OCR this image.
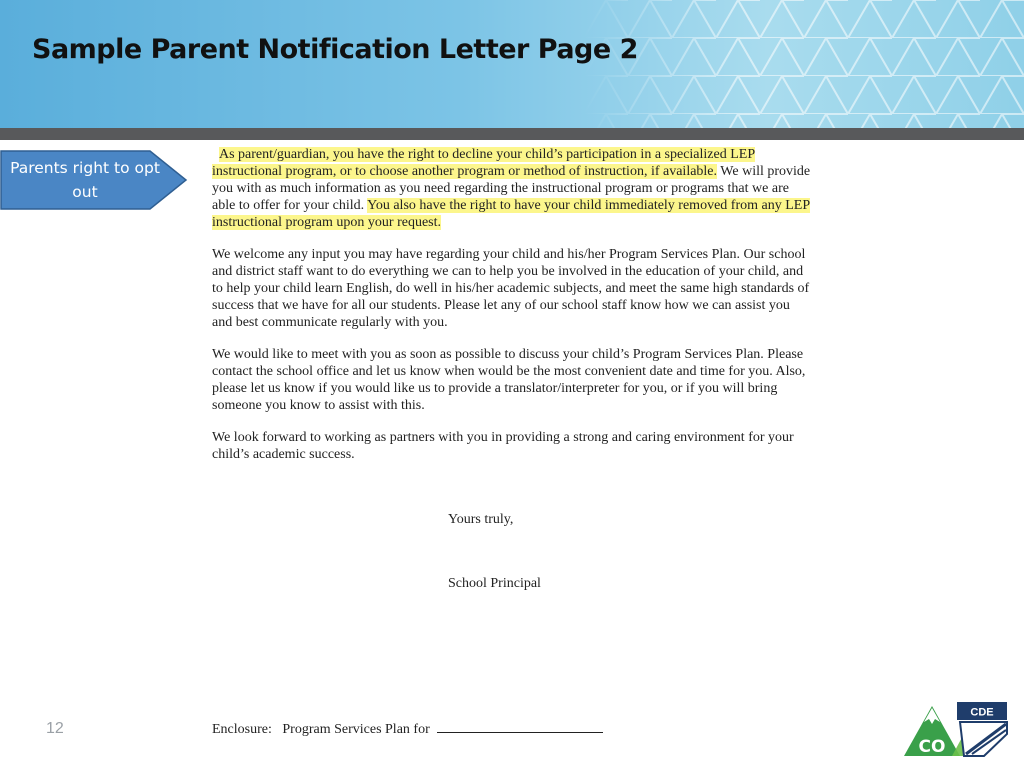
Sample Parent Notification Letter Page 2
Parents right to opt out

As parent/guardian, you have the right to decline your child’s participation in a specialized LEP instructional program, or to choose another program or method of instruction, if available. We will provide you with as much information as you need regarding the instructional program or programs that we are able to offer for your child. You also have the right to have your child immediately removed from any LEP instructional program upon your request.

We welcome any input you may have regarding your child and his/her Program Services Plan. Our school and district staff want to do everything we can to help you be involved in the education of your child, and to help your child learn English, do well in his/her academic subjects, and meet the same high standards of success that we have for all our students. Please let any of our school staff know how we can assist you and best communicate regularly with you.

We would like to meet with you as soon as possible to discuss your child’s Program Services Plan. Please contact the school office and let us know when would be the most convenient date and time for you. Also, please let us know if you would like us to provide a translator/interpreter for you, or if you will bring someone you know to assist with this.

We look forward to working as partners with you in providing a strong and caring environment for your child’s academic success.

Yours truly,
School Principal
Enclosure: Program Services Plan for
12
CDE
CO
